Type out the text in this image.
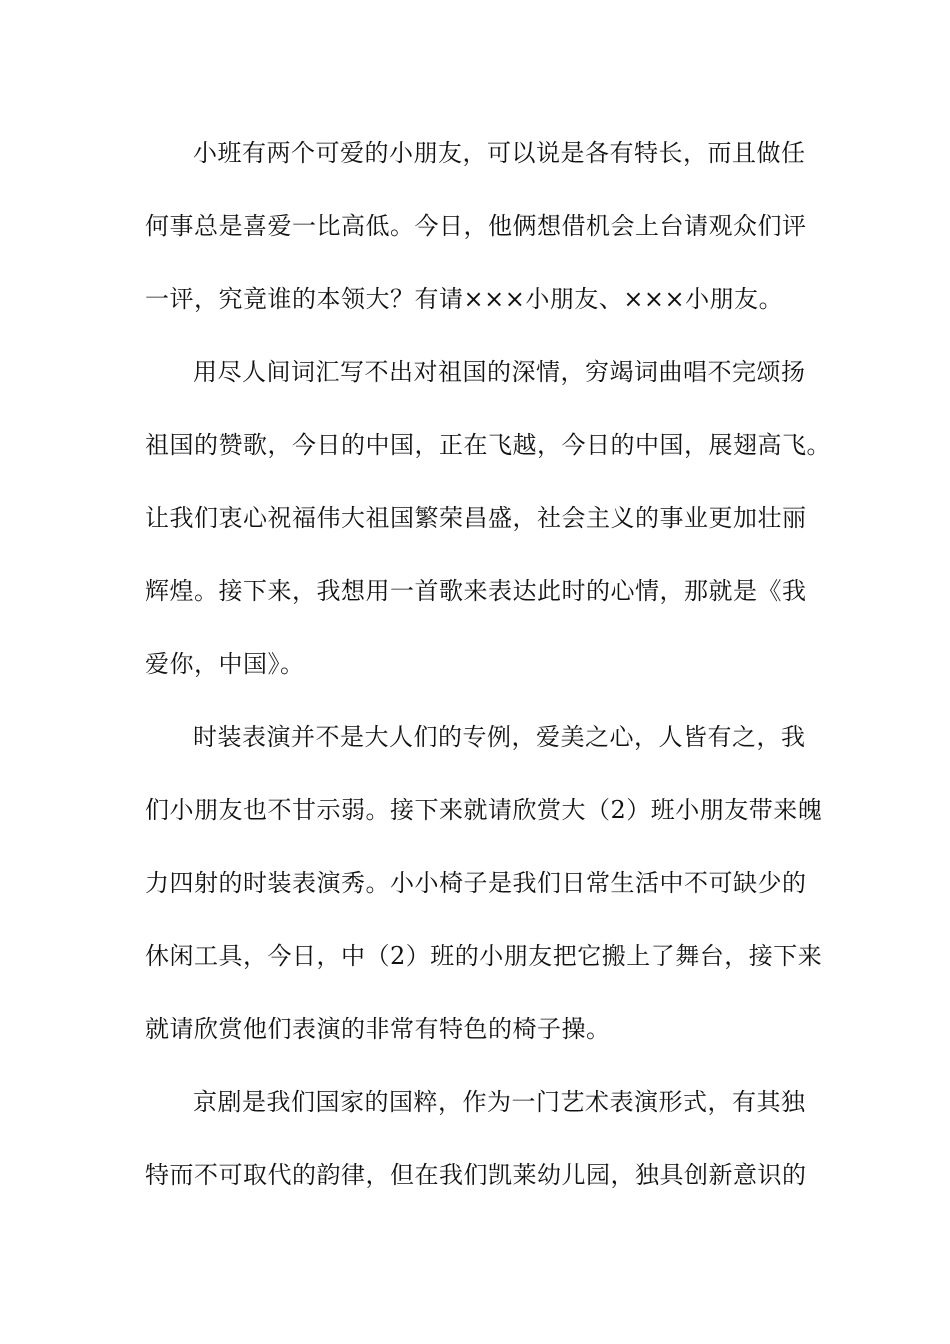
小班有两个可爱的小朋友，可以说是各有特长，而且做任
何事总是喜爱一比高低。今日，他俩想借机会上台请观众们评
一评，究竟谁的本领大？有请×××小朋友、×××小朋友。
用尽人间词汇写不出对祖国的深情，穷竭词曲唱不完颂扬
祖国的赞歌，今日的中国，正在飞越，今日的中国，展翅高飞。
让我们衷心祝福伟大祖国繁荣昌盛，社会主义的事业更加壮丽
辉煌。接下来，我想用一首歌来表达此时的心情，那就是《我
爱你，中国》。
时装表演并不是大人们的专例，爱美之心，人皆有之，我
们小朋友也不甘示弱。接下来就请欣赏大（2）班小朋友带来魄
力四射的时装表演秀。小小椅子是我们日常生活中不可缺少的
休闲工具，今日，中（2）班的小朋友把它搬上了舞台，接下来
就请欣赏他们表演的非常有特色的椅子操。
京剧是我们国家的国粹，作为一门艺术表演形式，有其独
特而不可取代的韵律，但在我们凯莱幼儿园，独具创新意识的
